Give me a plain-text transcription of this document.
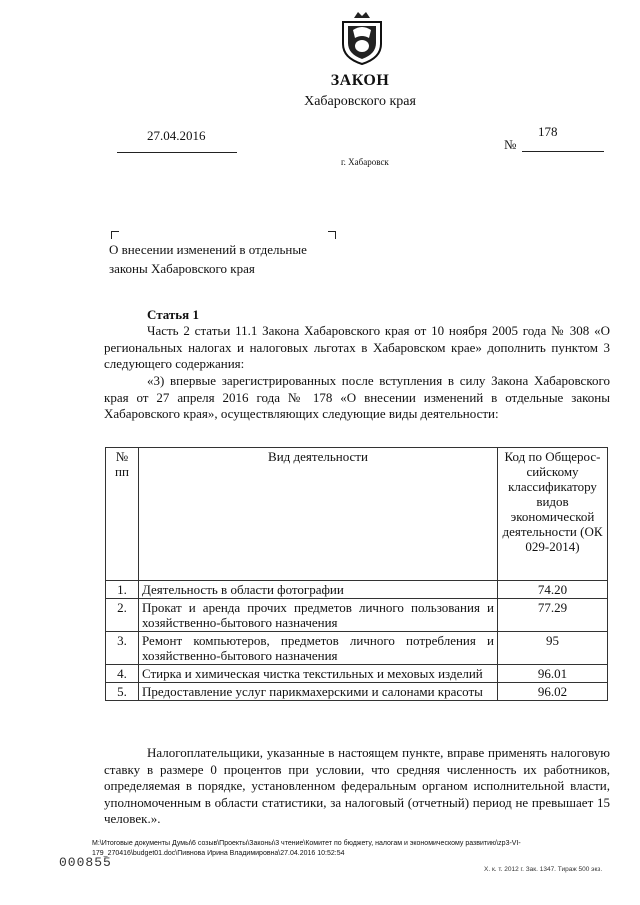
ЗАКОН
Хабаровского края
27.04.2016	178
№
г. Хабаровск
О внесении изменений в отдельные
законы Хабаровского края
Статья 1
Часть 2 статьи 11.1 Закона Хабаровского края от 10 ноября 2005 года № 308 «О региональных налогах и налоговых льготах в Хабаровском крае» дополнить пунктом 3 следующего содержания:
«3) впервые зарегистрированных после вступления в силу Закона Хабаровского края от 27 апреля 2016 года № 178 «О внесении изменений в отдельные законы Хабаровского края», осуществляющих следующие виды деятельности:
№ пп	Вид деятельности	Код по Общерос-сийскому классификатору видов экономической деятельности (ОК 029-2014)
1.	Деятельность в области фотографии	74.20
2.	Прокат и аренда прочих предметов личного пользования и хозяйственно-бытового назначения	77.29
3.	Ремонт компьютеров, предметов личного потребления и хозяйственно-бытового назначения	95
4.	Стирка и химическая чистка текстильных и меховых изделий	96.01
5.	Предоставление услуг парикмахерскими и салонами красоты	96.02
Налогоплательщики, указанные в настоящем пункте, вправе применять налоговую ставку в размере 0 процентов при условии, что средняя численность их работников, определяемая в порядке, установленном федеральным органом исполнительной власти, уполномоченным в области статистики, за налоговый (отчетный) период не превышает 15 человек.».
M:\Итоговые документы Думы\6 созыв\Проекты\Законы\3 чтение\Комитет по бюджету, налогам и экономическому развитию\zp3-VI-179_270416\budget01.doc\Пивнова Ирина Владимировна\27.04.2016 10:52:54
000855	Х. к. т. 2012 г. Зак. 1347. Тираж 500 экз.
